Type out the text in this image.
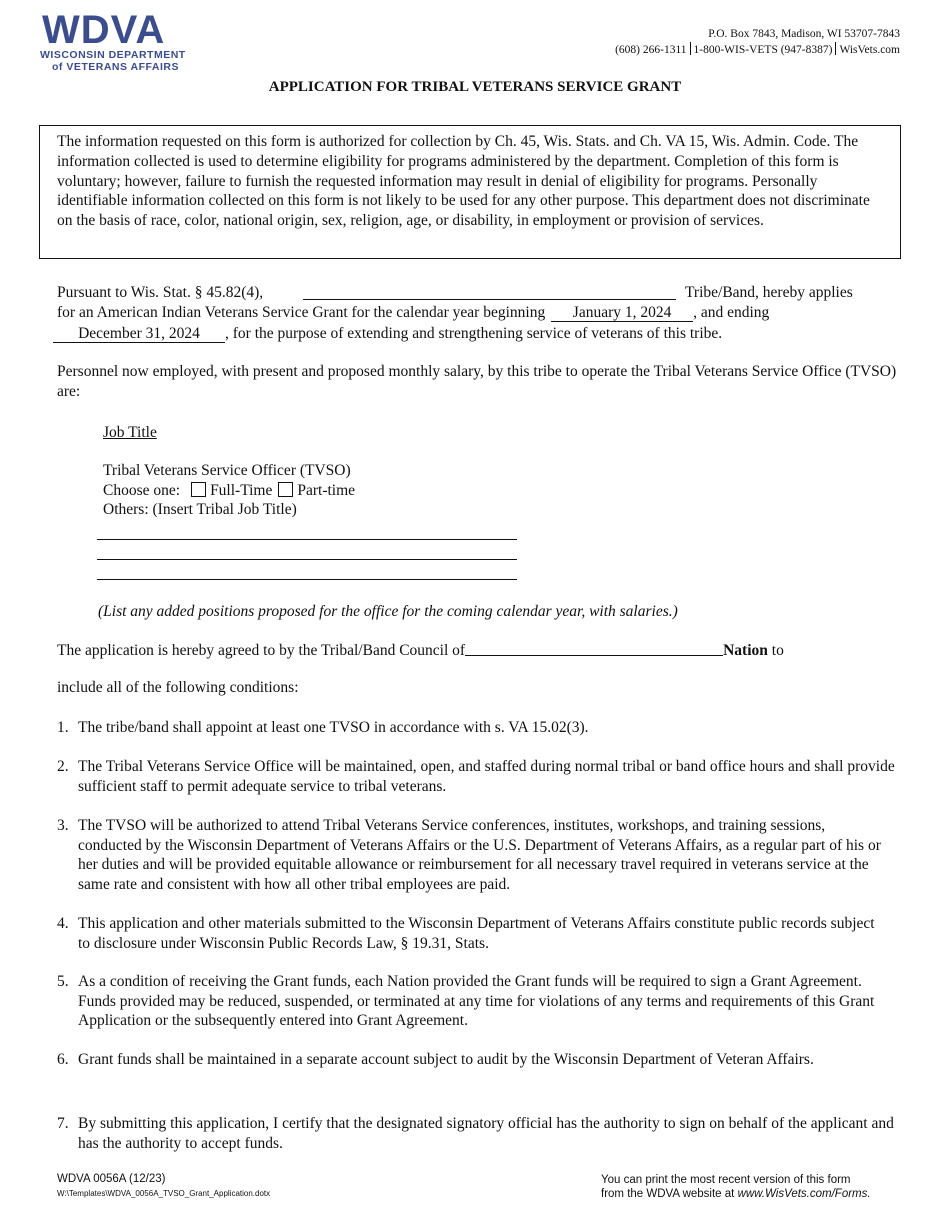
WDVA
WISCONSIN DEPARTMENT
of VETERANS AFFAIRS
P.O. Box 7843, Madison, WI 53707-7843
(608) 266-1311 1-800-WIS-VETS (947-8387) WisVets.com
APPLICATION FOR TRIBAL VETERANS SERVICE GRANT
The information requested on this form is authorized for collection by Ch. 45, Wis. Stats. and Ch. VA 15, Wis. Admin. Code. The information collected is used to determine eligibility for programs administered by the department. Completion of this form is voluntary; however, failure to furnish the requested information may result in denial of eligibility for programs. Personally identifiable information collected on this form is not likely to be used for any other purpose. This department does not discriminate on the basis of race, color, national origin, sex, religion, age, or disability, in employment or provision of services.
Pursuant to Wis. Stat. § 45.82(4),	Tribe/Band, hereby applies
for an American Indian Veterans Service Grant for the calendar year beginning January 1, 2024 , and ending
December 31, 2024 , for the purpose of extending and strengthening service of veterans of this tribe.
Personnel now employed, with present and proposed monthly salary, by this tribe to operate the Tribal Veterans Service Office (TVSO) are:
Job Title
Tribal Veterans Service Officer (TVSO)
Choose one: Full-Time Part-time
Others: (Insert Tribal Job Title)
(List any added positions proposed for the office for the coming calendar year, with salaries.)
The application is hereby agreed to by the Tribal/Band Council of	Nation to
include all of the following conditions:
1. The tribe/band shall appoint at least one TVSO in accordance with s. VA 15.02(3).
2. The Tribal Veterans Service Office will be maintained, open, and staffed during normal tribal or band office hours and shall provide sufficient staff to permit adequate service to tribal veterans.
3. The TVSO will be authorized to attend Tribal Veterans Service conferences, institutes, workshops, and training sessions, conducted by the Wisconsin Department of Veterans Affairs or the U.S. Department of Veterans Affairs, as a regular part of his or her duties and will be provided equitable allowance or reimbursement for all necessary travel required in veterans service at the same rate and consistent with how all other tribal employees are paid.
4. This application and other materials submitted to the Wisconsin Department of Veterans Affairs constitute public records subject to disclosure under Wisconsin Public Records Law, § 19.31, Stats.
5. As a condition of receiving the Grant funds, each Nation provided the Grant funds will be required to sign a Grant Agreement. Funds provided may be reduced, suspended, or terminated at any time for violations of any terms and requirements of this Grant Application or the subsequently entered into Grant Agreement.
6. Grant funds shall be maintained in a separate account subject to audit by the Wisconsin Department of Veteran Affairs.
7. By submitting this application, I certify that the designated signatory official has the authority to sign on behalf of the applicant and has the authority to accept funds.
WDVA 0056A (12/23)
W:\Templates\WDVA_0056A_TVSO_Grant_Application.dotx
You can print the most recent version of this form
from the WDVA website at www.WisVets.com/Forms.
